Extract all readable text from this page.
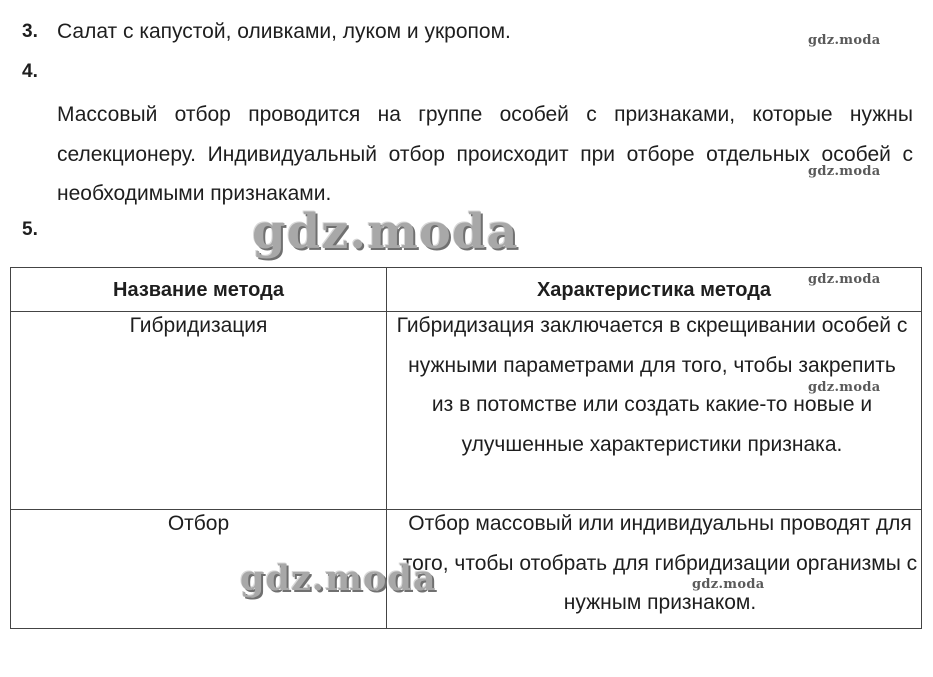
3. Салат с капустой, оливками, луком и укропом.
4.
Массовый отбор проводится на группе особей с признаками, которые нужны селекционеру. Индивидуальный отбор происходит при отборе отдельных особей с необходимыми признаками.
5.
Название метода	Характеристика метода
Гибридизация	Гибридизация заключается в скрещивании особей с нужными параметрами для того, чтобы закрепить из в потомстве или создать какие-то новые и улучшенные характеристики признака.
Отбор	Отбор массовый или индивидуальны проводят для того, чтобы отобрать для гибридизации организмы с нужным признаком.
gdz.moda
gdz.moda
gdz.moda
gdz.moda
gdz.moda
gdz.moda
gdz.moda
